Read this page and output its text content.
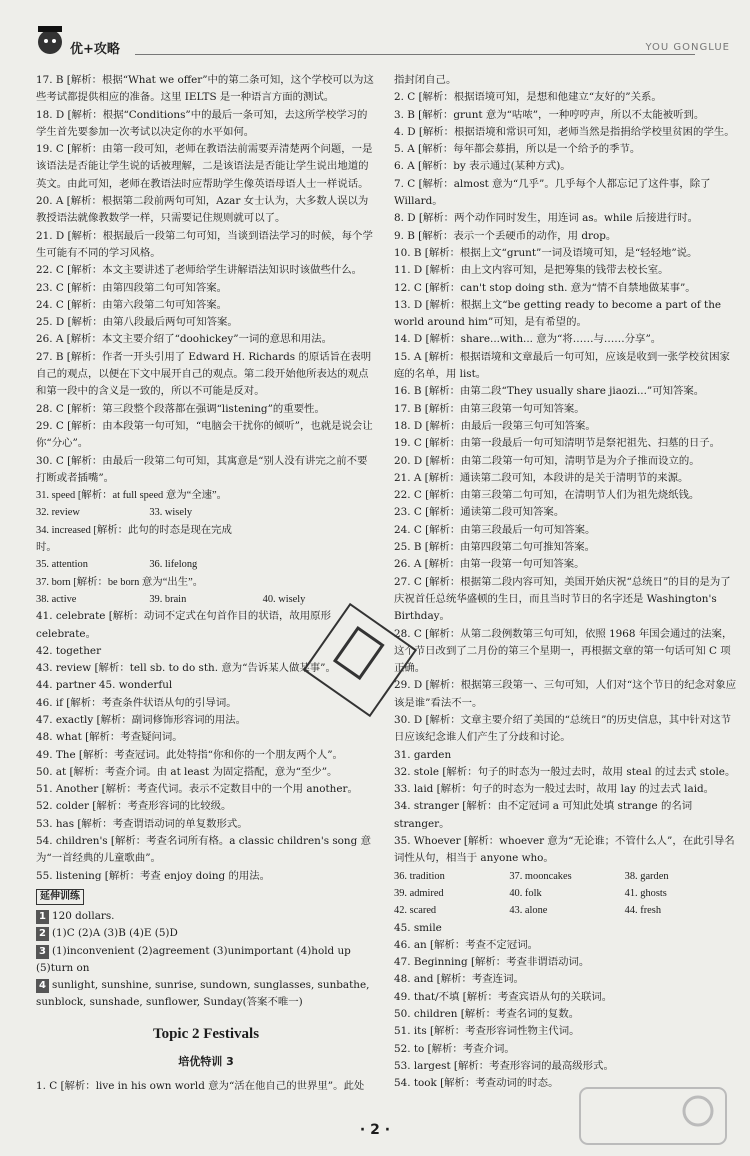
优+攻略	YOU GONGLUE
17. B [解析：根据“What we offer”中的第二条可知，这个学校可以为这些考试都提供相应的准备。这里 IELTS 是一种语言方面的测试。
18. D [解析：根据“Conditions”中的最后一条可知，去这所学校学习的学生首先要参加一次考试以决定你的水平如何。
19. C [解析：由第一段可知，老师在教语法前需要弄清楚两个问题，一是该语法是否能让学生说的话被理解，二是该语法是否能让学生说出地道的英文。由此可知，老师在教语法时应帮助学生像英语母语人士一样说话。
20. A [解析：根据第二段前两句可知，Azar 女士认为，大多数人误以为教授语法就像教数学一样，只需要记住规则就可以了。
21. D [解析：根据最后一段第二句可知，当谈到语法学习的时候，每个学生可能有不同的学习风格。
22. C [解析：本文主要讲述了老师给学生讲解语法知识时该做些什么。
23. C [解析：由第四段第二句可知答案。
24. C [解析：由第六段第二句可知答案。
25. D [解析：由第八段最后两句可知答案。
26. A [解析：本文主要介绍了“doohickey”一词的意思和用法。
27. B [解析：作者一开头引用了 Edward H. Richards 的原话旨在表明自己的观点，以便在下文中展开自己的观点。第二段开始他所表达的观点和第一段中的含义是一致的，所以不可能是反对。
28. C [解析：第三段整个段落都在强调“listening”的重要性。
29. C [解析：由本段第一句可知，“电脑会干扰你的倾听”，也就是说会让你“分心”。
30. C [解析：由最后一段第二句可知，其寓意是“别人没有讲完之前不要打断或者插嘴”。
31. speed [解析：at full speed 意为“全速”。
32. review	33. wisely
34. increased [解析：此句的时态是现在完成时。
35. attention	36. lifelong
37. born [解析：be born 意为“出生”。
38. active	39. brain	40. wisely
41. celebrate [解析：动词不定式在句首作目的状语，故用原形 celebrate。
42. together
43. review [解析：tell sb. to do sth. 意为“告诉某人做某事”。
44. partner 45. wonderful
46. if [解析：考查条件状语从句的引导词。
47. exactly [解析：副词修饰形容词的用法。
48. what [解析：考查疑问词。
49. The [解析：考查冠词。此处特指“你和你的一个朋友两个人”。
50. at [解析：考查介词。由 at least 为固定搭配，意为“至少”。
51. Another [解析：考查代词。表示不定数目中的一个用 another。
52. colder [解析：考查形容词的比较级。
53. has [解析：考查谓语动词的单复数形式。
54. children's [解析：考查名词所有格。a classic children's song 意为“一首经典的儿童歌曲”。
55. listening [解析：考查 enjoy doing 的用法。
延伸训练
1 120 dollars.
2 (1)C (2)A (3)B (4)E (5)D
3 (1)inconvenient (2)agreement (3)unimportant (4)hold up (5)turn on
4 sunlight, sunshine, sunrise, sundown, sunglasses, sunbathe, sunblock, sunshade, sunflower, Sunday(答案不唯一)
Topic 2 Festivals
培优特训 3
1. C [解析：live in his own world 意为“活在他自己的世界里”。此处
指封闭自己。
2. C [解析：根据语境可知，是想和他建立“友好的”关系。
3. B [解析：grunt 意为“咕哝”，一种哼哼声，所以不太能被听到。
4. D [解析：根据语境和常识可知，老师当然是指捐给学校里贫困的学生。
5. A [解析：每年都会募捐，所以是一个给予的季节。
6. A [解析：by 表示通过(某种方式)。
7. C [解析：almost 意为“几乎”。几乎每个人都忘记了这件事，除了 Willard。
8. D [解析：两个动作同时发生，用连词 as。while 后接进行时。
9. B [解析：表示一个丢硬币的动作，用 drop。
10. B [解析：根据上文“grunt”一词及语境可知，是“轻轻地”说。
11. D [解析：由上文内容可知，是把筹集的钱带去校长室。
12. C [解析：can't stop doing sth. 意为“情不自禁地做某事”。
13. D [解析：根据上文“be getting ready to become a part of the world around him”可知，是有希望的。
14. D [解析：share...with... 意为“将……与……分享”。
15. A [解析：根据语境和文章最后一句可知，应该是收到一张学校贫困家庭的名单，用 list。
16. B [解析：由第二段“They usually share jiaozi...”可知答案。
17. B [解析：由第三段第一句可知答案。
18. D [解析：由最后一段第三句可知答案。
19. C [解析：由第一段最后一句可知清明节是祭祀祖先、扫墓的日子。
20. D [解析：由第二段第一句可知，清明节是为介子推而设立的。
21. A [解析：通读第二段可知，本段讲的是关于清明节的来源。
22. C [解析：由第三段第二句可知，在清明节人们为祖先烧纸钱。
23. C [解析：通读第二段可知答案。
24. C [解析：由第三段最后一句可知答案。
25. B [解析：由第四段第二句可推知答案。
26. A [解析：由第一段第一句可知答案。
27. C [解析：根据第二段内容可知，美国开始庆祝“总统日”的目的是为了庆祝首任总统华盛顿的生日，而且当时节日的名字还是 Washington's Birthday。
28. C [解析：从第二段例数第三句可知，依照 1968 年国会通过的法案，这个节日改到了二月份的第三个星期一，再根据文章的第一句话可知 C 项正确。
29. D [解析：根据第三段第一、三句可知，人们对“这个节日的纪念对象应该是谁”看法不一。
30. D [解析：文章主要介绍了美国的“总统日”的历史信息，其中针对这节日应该纪念谁人们产生了分歧和讨论。
31. garden
32. stole [解析：句子的时态为一般过去时，故用 steal 的过去式 stole。
33. laid [解析：句子的时态为一般过去时，故用 lay 的过去式 laid。
34. stranger [解析：由不定冠词 a 可知此处填 strange 的名词 stranger。
35. Whoever [解析：whoever 意为“无论谁；不管什么人”，在此引导名词性从句，相当于 anyone who。
36. tradition	37. mooncakes	38. garden
39. admired	40. folk	41. ghosts
42. scared	43. alone	44. fresh
45. smile
46. an [解析：考查不定冠词。
47. Beginning [解析：考查非谓语动词。
48. and [解析：考查连词。
49. that/不填 [解析：考查宾语从句的关联词。
50. children [解析：考查名词的复数。
51. its [解析：考查形容词性物主代词。
52. to [解析：考查介词。
53. largest [解析：考查形容词的最高级形式。
54. took [解析：考查动词的时态。
· 2 ·
